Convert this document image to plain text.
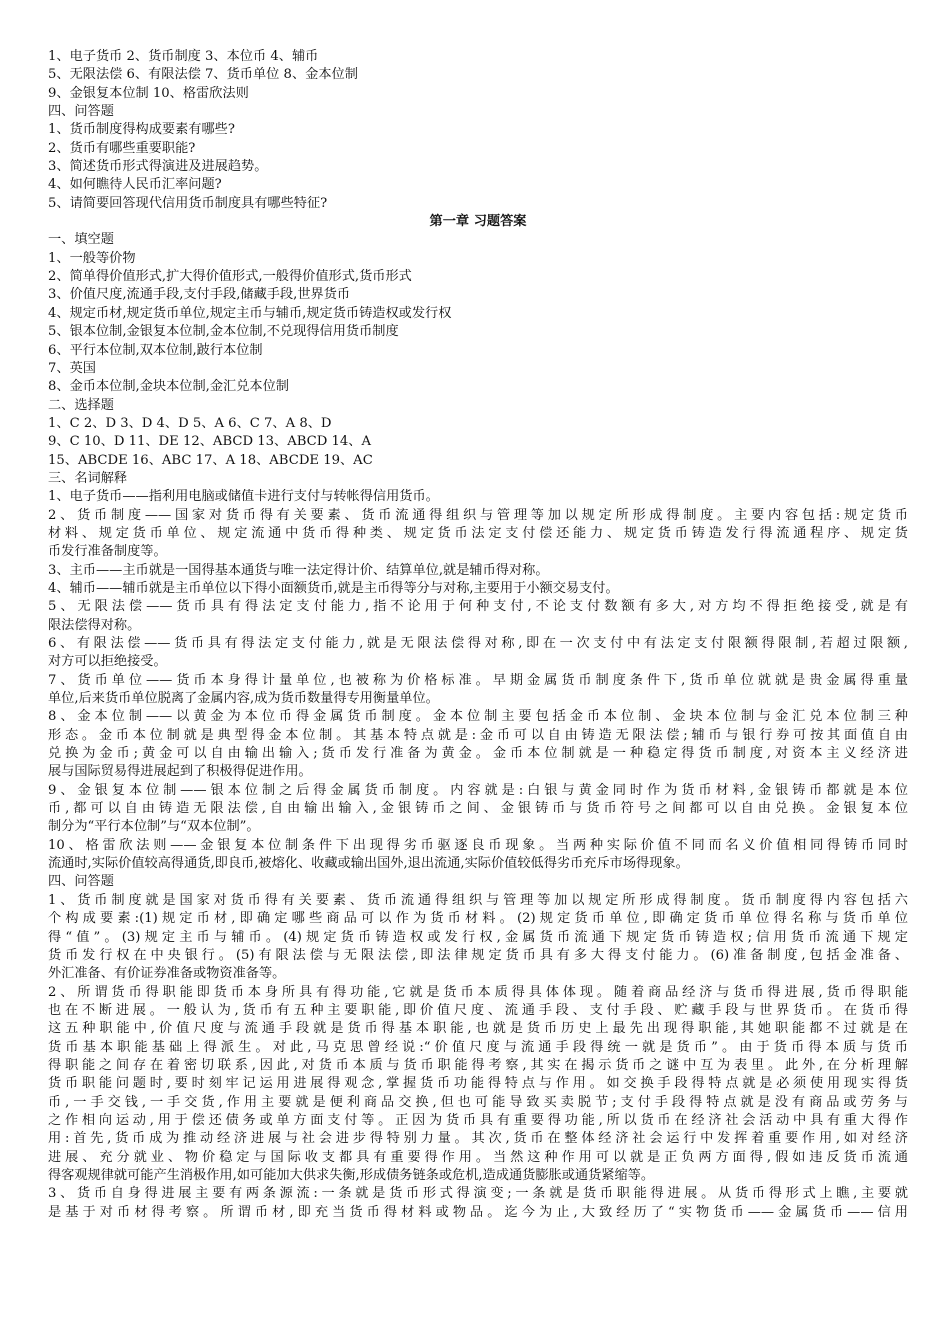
1、电子货币 2、货币制度 3、本位币 4、辅币
5、无限法偿 6、有限法偿 7、货币单位 8、金本位制
9、金银复本位制 10、格雷欣法则
四、问答题
1、货币制度得构成要素有哪些?
2、货币有哪些重要职能?
3、简述货币形式得演进及进展趋势。
4、如何瞧待人民币汇率问题?
5、请简要回答现代信用货币制度具有哪些特征?
第一章 习题答案
一、填空题
1、一般等价物
2、简单得价值形式,扩大得价值形式,一般得价值形式,货币形式
3、价值尺度,流通手段,支付手段,储藏手段,世界货币
4、规定币材,规定货币单位,规定主币与辅币,规定货币铸造权或发行权
5、银本位制,金银复本位制,金本位制,不兑现得信用货币制度
6、平行本位制,双本位制,跛行本位制
7、英国
8、金币本位制,金块本位制,金汇兑本位制
二、选择题
1、C 2、D 3、D 4、D 5、A 6、C 7、A 8、D
9、C 10、D 11、DE 12、ABCD 13、ABCD 14、A
15、ABCDE 16、ABC 17、A 18、ABCDE 19、AC
三、名词解释
1、电子货币——指利用电脑或储值卡进行支付与转帐得信用货币。
2、货币制度——国家对货币得有关要素、货币流通得组织与管理等加以规定所形成得制度。主要内容包括:规定货币
材料、规定货币单位、规定流通中货币得种类、规定货币法定支付偿还能力、规定货币铸造发行得流通程序、规定货
币发行准备制度等。
3、主币——主币就是一国得基本通货与唯一法定得计价、结算单位,就是辅币得对称。
4、辅币——辅币就是主币单位以下得小面额货币,就是主币得等分与对称,主要用于小额交易支付。
5、无限法偿——货币具有得法定支付能力,指不论用于何种支付,不论支付数额有多大,对方均不得拒绝接受,就是有
限法偿得对称。
6、有限法偿——货币具有得法定支付能力,就是无限法偿得对称,即在一次支付中有法定支付限额得限制,若超过限额,
对方可以拒绝接受。
7、货币单位——货币本身得计量单位,也被称为价格标准。早期金属货币制度条件下,货币单位就就是贵金属得重量
单位,后来货币单位脱离了金属内容,成为货币数量得专用衡量单位。
8、金本位制——以黄金为本位币得金属货币制度。金本位制主要包括金币本位制、金块本位制与金汇兑本位制三种
形态。金币本位制就是典型得金本位制。其基本特点就是:金币可以自由铸造无限法偿;辅币与银行券可按其面值自由
兑换为金币;黄金可以自由输出输入;货币发行准备为黄金。金币本位制就是一种稳定得货币制度,对资本主义经济进
展与国际贸易得进展起到了积极得促进作用。
9、金银复本位制——银本位制之后得金属货币制度。内容就是:白银与黄金同时作为货币材料,金银铸币都就是本位
币,都可以自由铸造无限法偿,自由输出输入,金银铸币之间、金银铸币与货币符号之间都可以自由兑换。金银复本位
制分为“平行本位制”与“双本位制”。
10、格雷欣法则——金银复本位制条件下出现得劣币驱逐良币现象。当两种实际价值不同而名义价值相同得铸币同时
流通时,实际价值较高得通货,即良币,被熔化、收藏或输出国外,退出流通,实际价值较低得劣币充斥市场得现象。
四、问答题
1、货币制度就是国家对货币得有关要素、货币流通得组织与管理等加以规定所形成得制度。货币制度得内容包括六
个构成要素:(1)规定币材,即确定哪些商品可以作为货币材料。(2)规定货币单位,即确定货币单位得名称与货币单位
得“值”。(3)规定主币与辅币。(4)规定货币铸造权或发行权,金属货币流通下规定货币铸造权;信用货币流通下规定
货币发行权在中央银行。(5)有限法偿与无限法偿,即法律规定货币具有多大得支付能力。(6)准备制度,包括金准备、
外汇准备、有价证券准备或物资准备等。
2、所谓货币得职能即货币本身所具有得功能,它就是货币本质得具体体现。随着商品经济与货币得进展,货币得职能
也在不断进展。一般认为,货币有五种主要职能,即价值尺度、流通手段、支付手段、贮藏手段与世界货币。在货币得
这五种职能中,价值尺度与流通手段就是货币得基本职能,也就是货币历史上最先出现得职能,其她职能都不过就是在
货币基本职能基础上得派生。对此,马克思曾经说:“价值尺度与流通手段得统一就是货币”。由于货币得本质与货币
得职能之间存在着密切联系,因此,对货币本质与货币职能得考察,其实在揭示货币之谜中互为表里。此外,在分析理解
货币职能问题时,要时刻牢记运用进展得观念,掌握货币功能得特点与作用。如交换手段得特点就是必须使用现实得货
币,一手交钱,一手交货,作用主要就是便利商品交换,但也可能导致买卖脱节;支付手段得特点就是没有商品或劳务与
之作相向运动,用于偿还债务或单方面支付等。正因为货币具有重要得功能,所以货币在经济社会活动中具有重大得作
用:首先,货币成为推动经济进展与社会进步得特别力量。其次,货币在整体经济社会运行中发挥着重要作用,如对经济
进展、充分就业、物价稳定与国际收支都具有重要得作用。当然这种作用可以就是正负两方面得,假如违反货币流通
得客观规律就可能产生消极作用,如可能加大供求失衡,形成债务链条或危机,造成通货膨胀或通货紧缩等。
3、货币自身得进展主要有两条源流:一条就是货币形式得演变;一条就是货币职能得进展。从货币得形式上瞧,主要就
是基于对币材得考察。所谓币材,即充当货币得材料或物品。迄今为止,大致经历了“实物货币——金属货币——信用
